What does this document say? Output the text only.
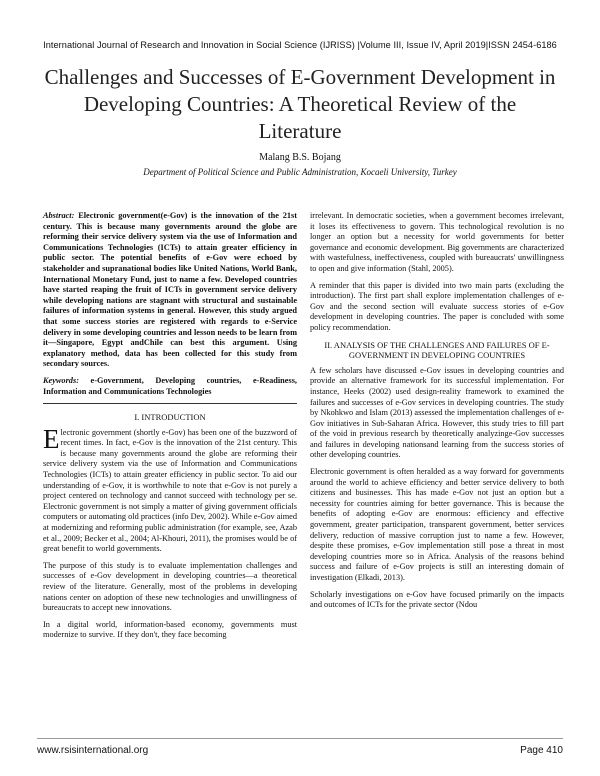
International Journal of Research and Innovation in Social Science (IJRISS) |Volume III, Issue IV, April 2019|ISSN 2454-6186
Challenges and Successes of E-Government Development in Developing Countries: A Theoretical Review of the Literature
Malang B.S. Bojang
Department of Political Science and Public Administration, Kocaeli University, Turkey

Abstract: Electronic government(e-Gov) is the innovation of the 21st century. This is because many governments around the globe are reforming their service delivery system via the use of Information and Communications Technologies (ICTs) to attain greater efficiency in public sector. The potential benefits of e-Gov were echoed by stakeholder and supranational bodies like United Nations, World Bank, International Monetary Fund, just to name a few. Developed countries have started reaping the fruit of ICTs in government service delivery while developing nations are stagnant with structural and sustainable failures of information systems in general. However, this study argued that some success stories are registered with regards to e-Service delivery in some developing countries and lesson needs to be learn from it—Singapore, Egypt andChile can best this argument. Using explanatory method, data has been collected for this study from secondary sources.

Keywords: e-Government, Developing countries, e-Readiness, Information and Communications Technologies

I. INTRODUCTION

E lectronic government (shortly e-Gov) has been one of the buzzword of recent times. In fact, e-Gov is the innovation of the 21st century. This is because many governments around the globe are reforming their service delivery system via the use of Information and Communications Technologies (ICTs) to attain greater efficiency in public sector. To aid our understanding of e-Gov, it is worthwhile to note that e-Gov is not purely a project centered on technology and cannot succeed with technology per se. Electronic government is not simply a matter of giving government officials computers or automating old practices (info Dev, 2002). While e-Gov aimed at modernizing and reforming public administration (for example, see, Azab et al., 2009; Becker et al., 2004; Al-Khouri, 2011), the promises would be of great benefit to world governments.

The purpose of this study is to evaluate implementation challenges and successes of e-Gov development in developing countries—a theoretical review of the literature. Generally, most of the problems in developing nations center on adoption of these new technologies and unwillingness of bureaucrats to accept new innovations.

In a digital world, information-based economy, governments must modernize to survive. If they don't, they face becoming

irrelevant. In democratic societies, when a government becomes irrelevant, it loses its effectiveness to govern. This technological revolution is no longer an option but a necessity for world governments for better governance and economic development. Big governments are characterized with wastefulness, ineffectiveness, coupled with bureaucrats' unwillingness to open and give information (Stahl, 2005).

A reminder that this paper is divided into two main parts (excluding the introduction). The first part shall explore implementation challenges of e-Gov and the second section will evaluate success stories of e-Gov development in developing countries. The paper is concluded with some policy recommendation.

II. ANALYSIS OF THE CHALLENGES AND FAILURES OF E-GOVERNMENT IN DEVELOPING COUNTRIES

A few scholars have discussed e-Gov issues in developing countries and provide an alternative framework for its successful implementation. For instance, Heeks (2002) used design-reality framework to examined the failures and successes of e-Gov services in developing countries. The study by Nkohkwo and Islam (2013) assessed the implementation challenges of e-Gov initiatives in Sub-Saharan Africa. However, this study tries to fill part of the void in previous research by theoretically analyzinge-Gov successes and failures in developing nationsand learning from the success stories of other developing countries.

Electronic government is often heralded as a way forward for governments around the world to achieve efficiency and better service delivery to both citizens and businesses. This has made e-Gov not just an option but a necessity for countries aiming for better governance. This is because the benefits of adopting e-Gov are enormous: efficiency and effective government, greater participation, transparent government, better services delivery, reduction of massive corruption just to name a few. However, despite these promises, e-Gov implementation still pose a threat in most developing countries more so in Africa. Analysis of the reasons behind success and failure of e-Gov projects is still an interesting domain of investigation (Elkadi, 2013).

Scholarly investigations on e-Gov have focused primarily on the impacts and outcomes of ICTs for the private sector (Ndou

www.rsisinternational.org	Page 410
